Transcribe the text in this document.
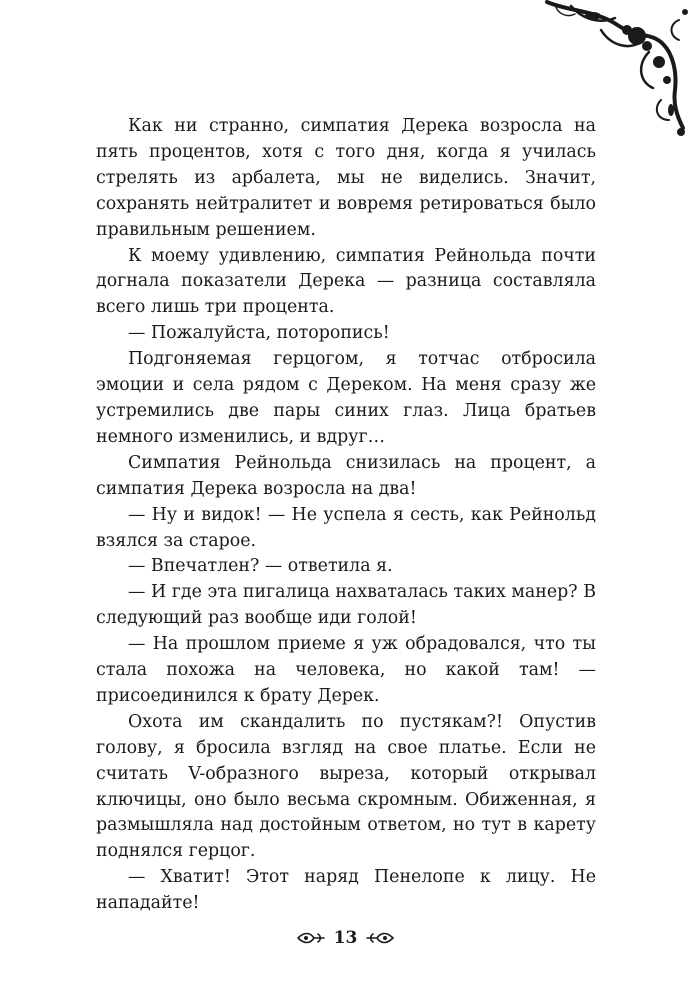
Как ни странно, симпатия Дерека возросла на пять процентов, хотя с того дня, когда я училась стрелять из арбалета, мы не виделись. Значит, сохранять нейтралитет и вовремя ретироваться было правильным решением.

К моему удивлению, симпатия Рейнольда почти догнала показатели Дерека — разница составляла всего лишь три процента.

— Пожалуйста, поторопись!

Подгоняемая герцогом, я тотчас отбросила эмоции и села рядом с Дереком. На меня сразу же устремились две пары синих глаз. Лица братьев немного изменились, и вдруг…

Симпатия Рейнольда снизилась на процент, а симпатия Дерека возросла на два!

— Ну и видок! — Не успела я сесть, как Рейнольд взялся за старое.

— Впечатлен? — ответила я.

— И где эта пигалица нахваталась таких манер? В следующий раз вообще иди голой!

— На прошлом приеме я уж обрадовался, что ты стала похожа на человека, но какой там! — присоединился к брату Дерек.

Охота им скандалить по пустякам?! Опустив голову, я бросила взгляд на свое платье. Если не считать V-образного выреза, который открывал ключицы, оно было весьма скромным. Обиженная, я размышляла над достойным ответом, но тут в карету поднялся герцог.

— Хватит! Этот наряд Пенелопе к лицу. Не нападайте!

13
